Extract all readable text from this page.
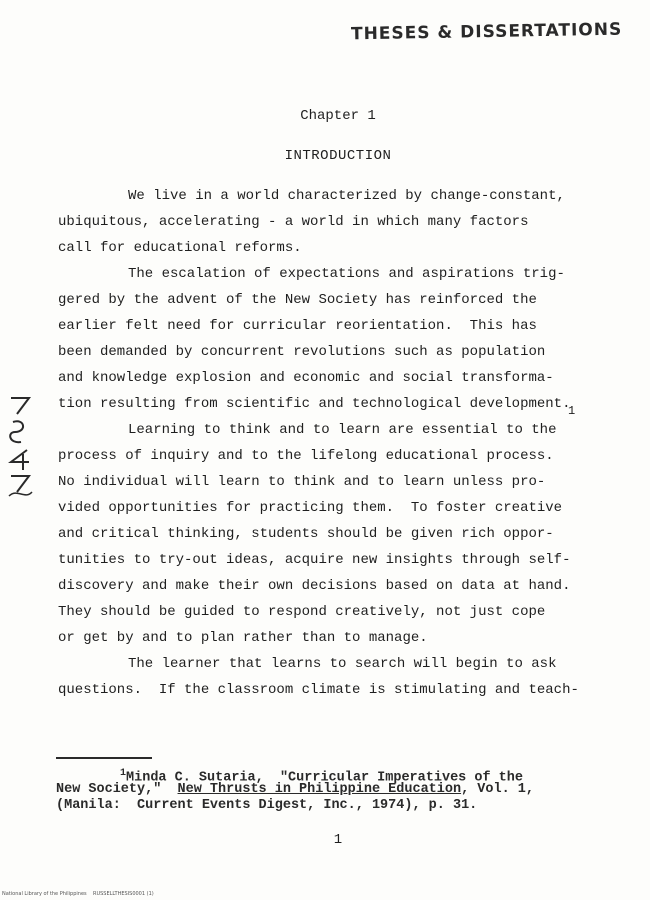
THESES & DISSERTATIONS
Chapter 1
INTRODUCTION
We live in a world characterized by change-constant,
ubiquitous, accelerating - a world in which many factors
call for educational reforms.
The escalation of expectations and aspirations trig-
gered by the advent of the New Society has reinforced the
earlier felt need for curricular reorientation.  This has
been demanded by concurrent revolutions such as population
and knowledge explosion and economic and social transforma-
tion resulting from scientific and technological development.
Learning to think and to learn are essential to the
process of inquiry and to the lifelong educational process.
No individual will learn to think and to learn unless pro-
vided opportunities for practicing them.  To foster creative
and critical thinking, students should be given rich oppor-
tunities to try-out ideas, acquire new insights through self-
discovery and make their own decisions based on data at hand.
They should be guided to respond creatively, not just cope
or get by and to plan rather than to manage.
The learner that learns to search will begin to ask
questions.  If the classroom climate is stimulating and teach-
1
$^1$Minda C. Sutaria,  "Curricular Imperatives of the
New Society,"  New Thrusts in Philippine Education, Vol. 1,
(Manila:  Current Events Digest, Inc., 1974), p. 31.
1
National Library of the Philippines    RUSSELLTHESIS0001 (1)
